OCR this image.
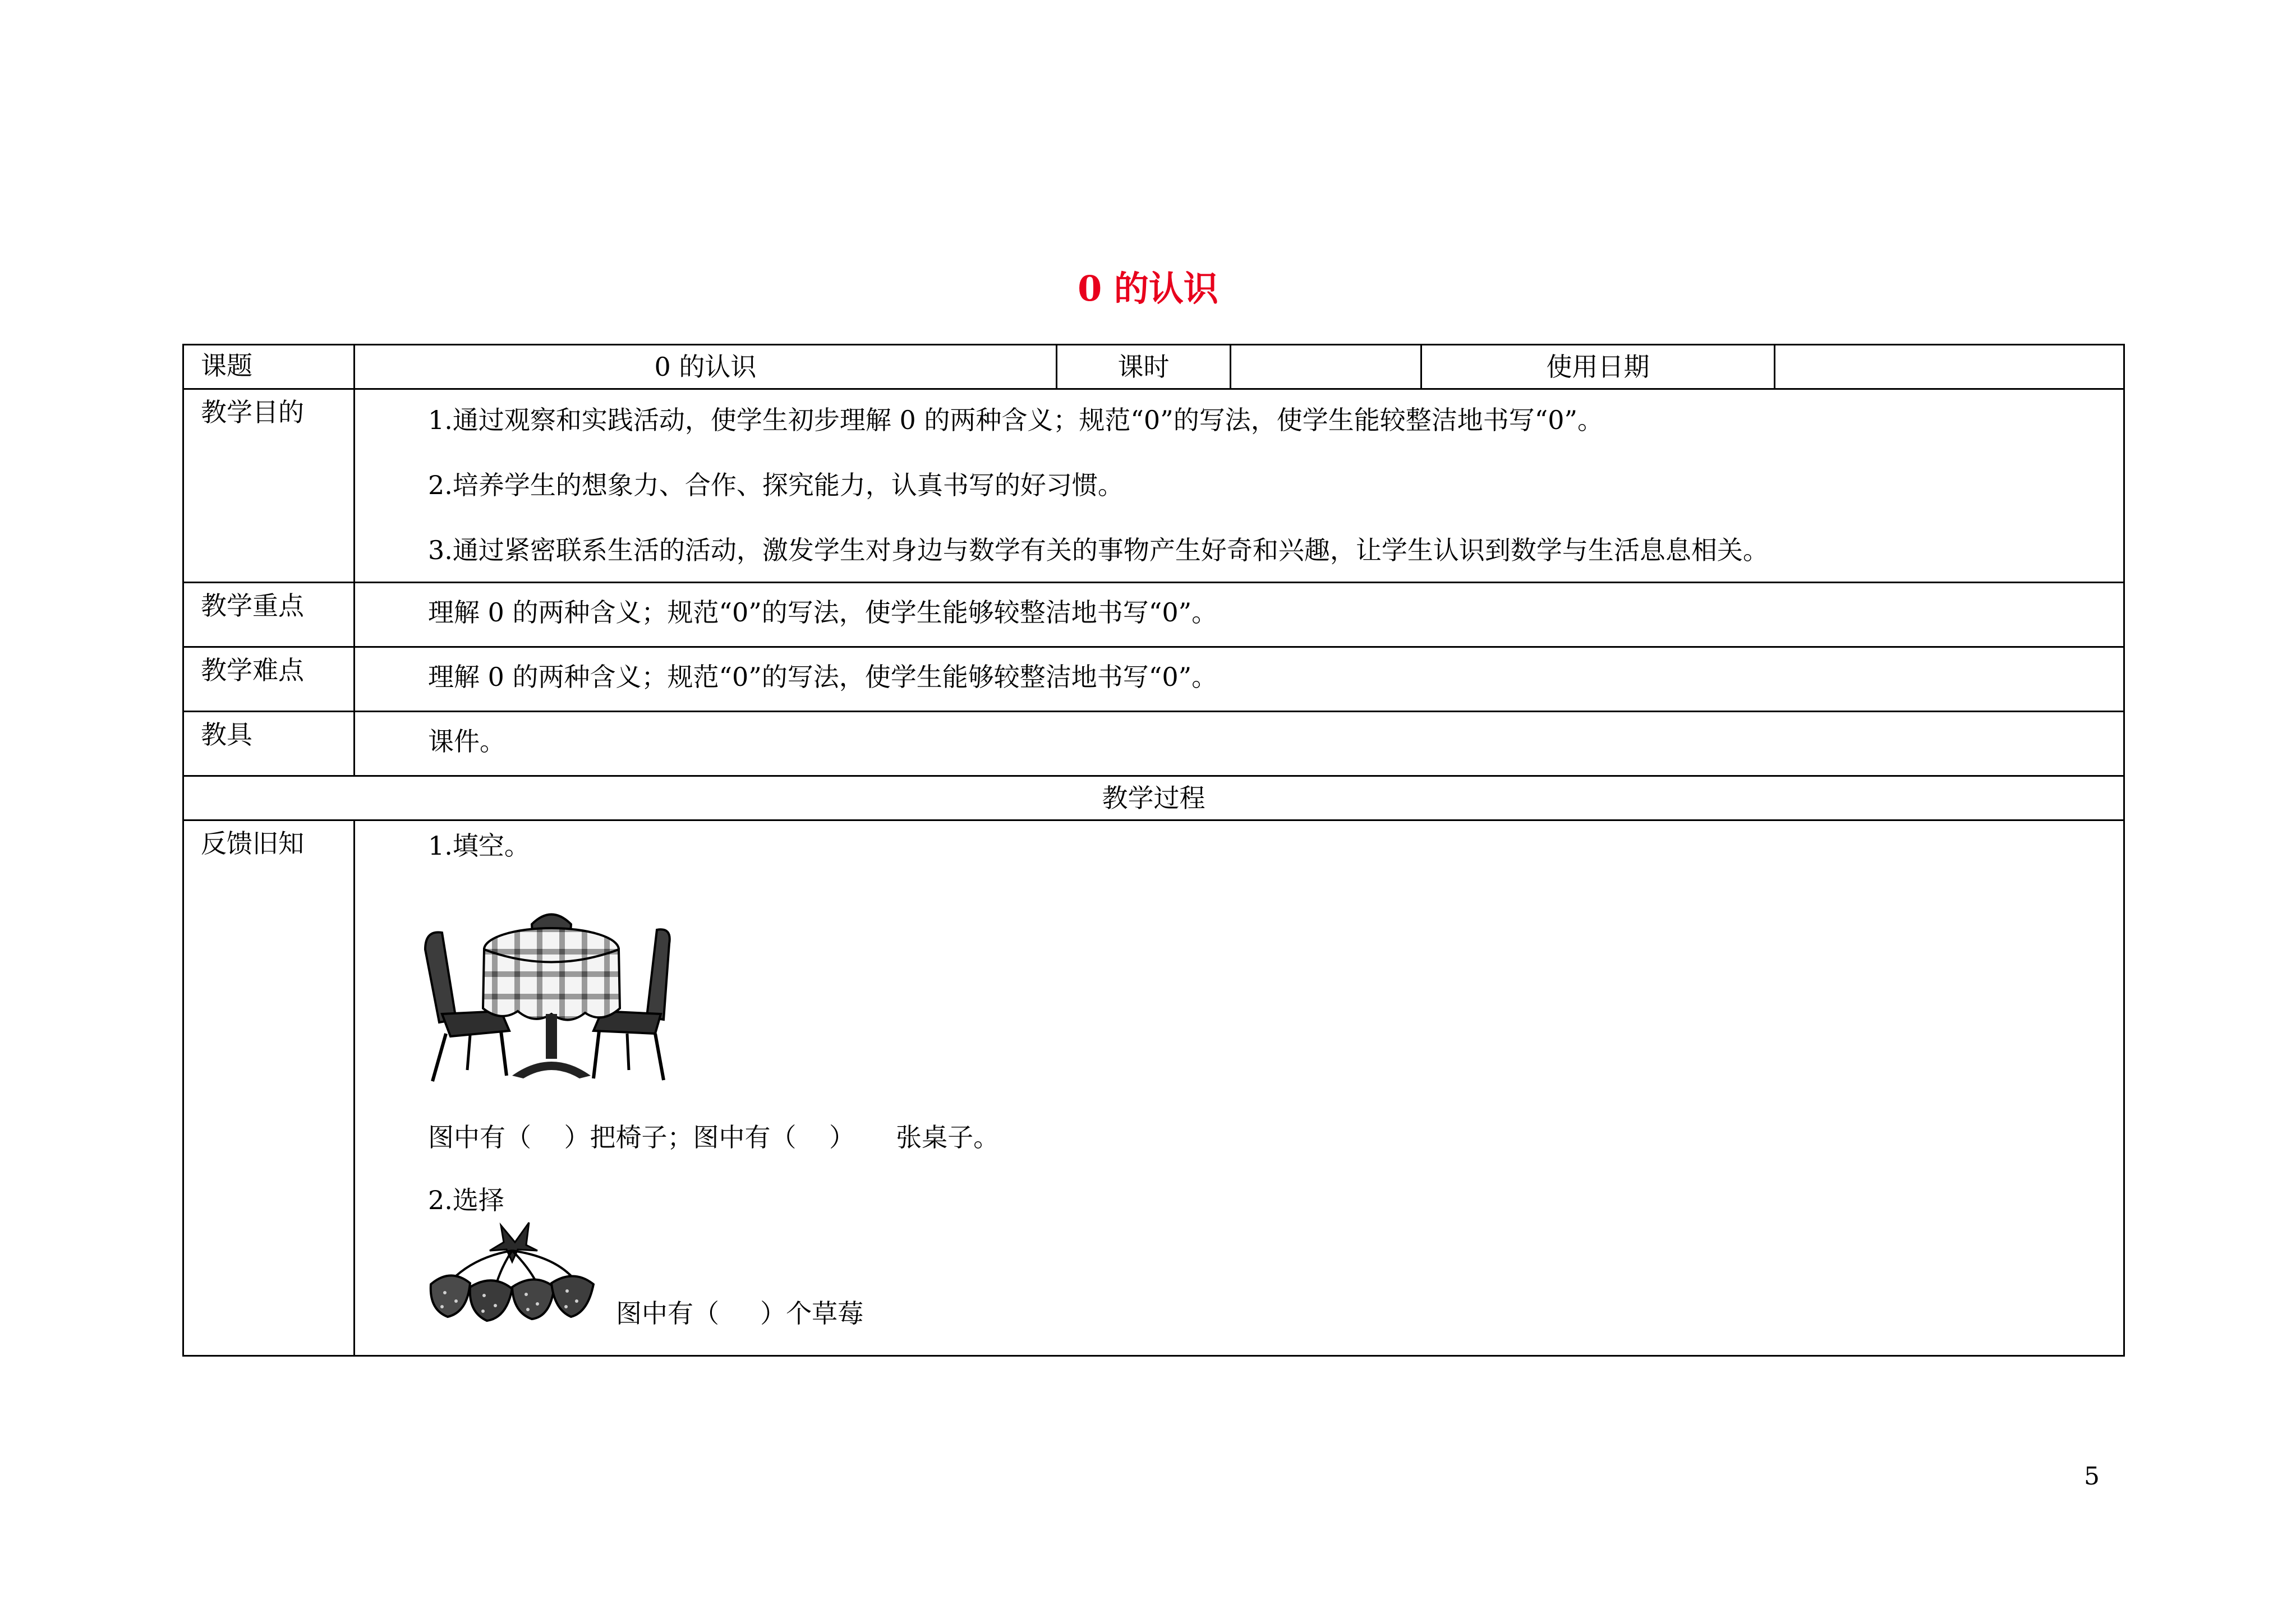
0 的认识
课题	0 的认识	课时		使用日期	
教学目的	1.通过观察和实践活动，使学生初步理解 0 的两种含义；规范“0”的写法，使学生能较整洁地书写“0”。

2.培养学生的想象力、合作、探究能力，认真书写的好习惯。

3.通过紧密联系生活的活动，激发学生对身边与数学有关的事物产生好奇和兴趣，让学生认识到数学与生活息息相关。				

教学重点	理解 0 的两种含义；规范“0”的写法，使学生能够较整洁地书写“0”。				
教学难点	理解 0 的两种含义；规范“0”的写法，使学生能够较整洁地书写“0”。				
教具	课件。				
教学过程					
反馈旧知	1.填空。

图中有（    ）把椅子；图中有（    ）     张桌子。

2.选择

图中有（     ）个草莓				
5
